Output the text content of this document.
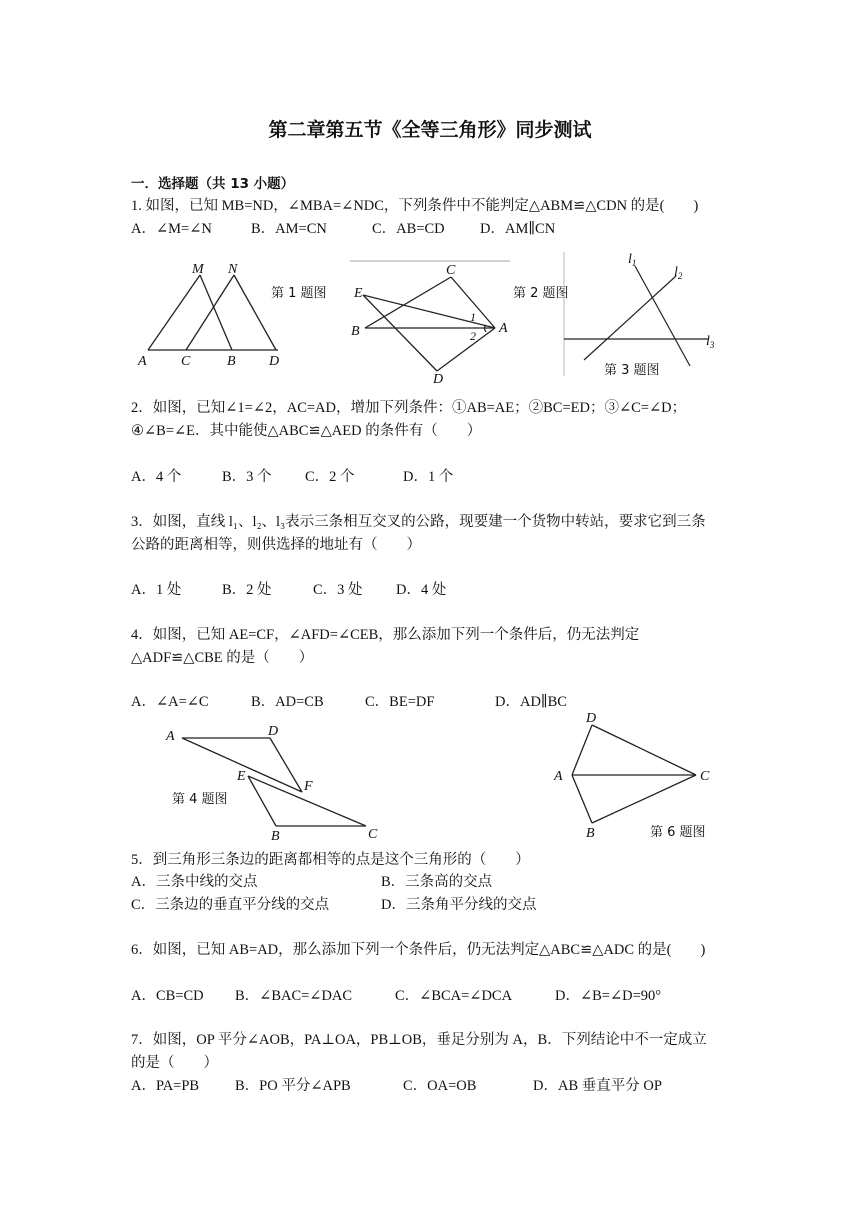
第二章第五节《全等三角形》同步测试
一．选择题（共 13 小题）
1. 如图，已知 MB=ND，∠MBA=∠NDC，下列条件中不能判定△ABM≌△CDN 的是(　　)
A．∠M=∠N	B．AM=CN	C．AB=CD D．AM∥CN
M N
A C	B D
第 1 题图
C
E
B	A
D
1
2
第 2 题图
$l_1$
$l_2$
$l_3$
第 3 题图
2．如图，已知∠1=∠2，AC=AD，增加下列条件：①AB=AE；②BC=ED；③∠C=∠D；
④∠B=∠E．其中能使△ABC≌△AED 的条件有（　　）
A．4 个	B．3 个 C．2 个	D．1 个
3．如图，直线 l₁、l₂、l₃表示三条相互交叉的公路，现要建一个货物中转站，要求它到三条
公路的距离相等，则供选择的地址有（　　）
A．1 处	B．2 处	C．3 处 D．4 处
4．如图，已知 AE=CF，∠AFD=∠CEB，那么添加下列一个条件后，仍无法判定
△ADF≌△CBE 的是（　　）
A．∠A=∠C	B．AD=CB	C．BE=DF	D．AD∥BC
A	D
E
F
B	C
第 4 题图
D
A	C
B	第 6 题图
5．到三角形三条边的距离都相等的点是这个三角形的（　　）
A．三条中线的交点	B．三条高的交点
C．三条边的垂直平分线的交点	D．三条角平分线的交点
6．如图，已知 AB=AD，那么添加下列一个条件后，仍无法判定△ABC≌△ADC 的是(　　)
A．CB=CD B．∠BAC=∠DAC	C．∠BCA=∠DCA	D．∠B=∠D=90°
7．如图，OP 平分∠AOB，PA⊥OA，PB⊥OB，垂足分别为 A，B．下列结论中不一定成立
的是（　　）
A．PA=PB B．PO 平分∠APB	C．OA=OB	D．AB 垂直平分 OP
